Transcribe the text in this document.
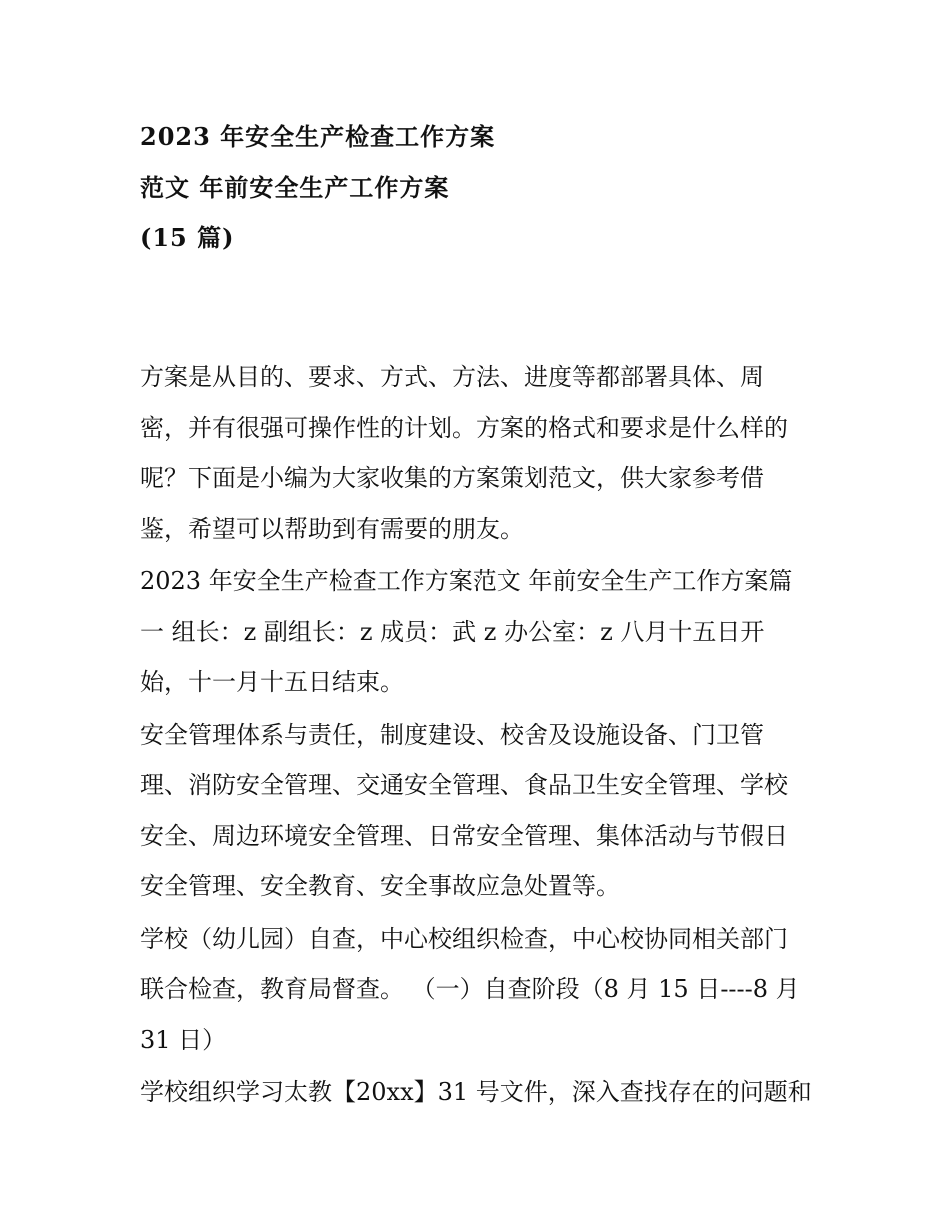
2023 年安全生产检查工作方案
范文 年前安全生产工作方案
(15 篇)

方案是从目的、要求、方式、方法、进度等都部署具体、周
密，并有很强可操作性的计划。方案的格式和要求是什么样的
呢？下面是小编为大家收集的方案策划范文，供大家参考借
鉴，希望可以帮助到有需要的朋友。

2023 年安全生产检查工作方案范文 年前安全生产工作方案篇
一 组长：z 副组长：z 成员：武 z 办公室：z 八月十五日开
始，十一月十五日结束。

安全管理体系与责任，制度建设、校舍及设施设备、门卫管
理、消防安全管理、交通安全管理、食品卫生安全管理、学校
安全、周边环境安全管理、日常安全管理、集体活动与节假日
安全管理、安全教育、安全事故应急处置等。

学校（幼儿园）自查，中心校组织检查，中心校协同相关部门
联合检查，教育局督查。 （一）自查阶段（8 月 15 日----8 月
31 日）

学校组织学习太教【20xx】31 号文件，深入查找存在的问题和
